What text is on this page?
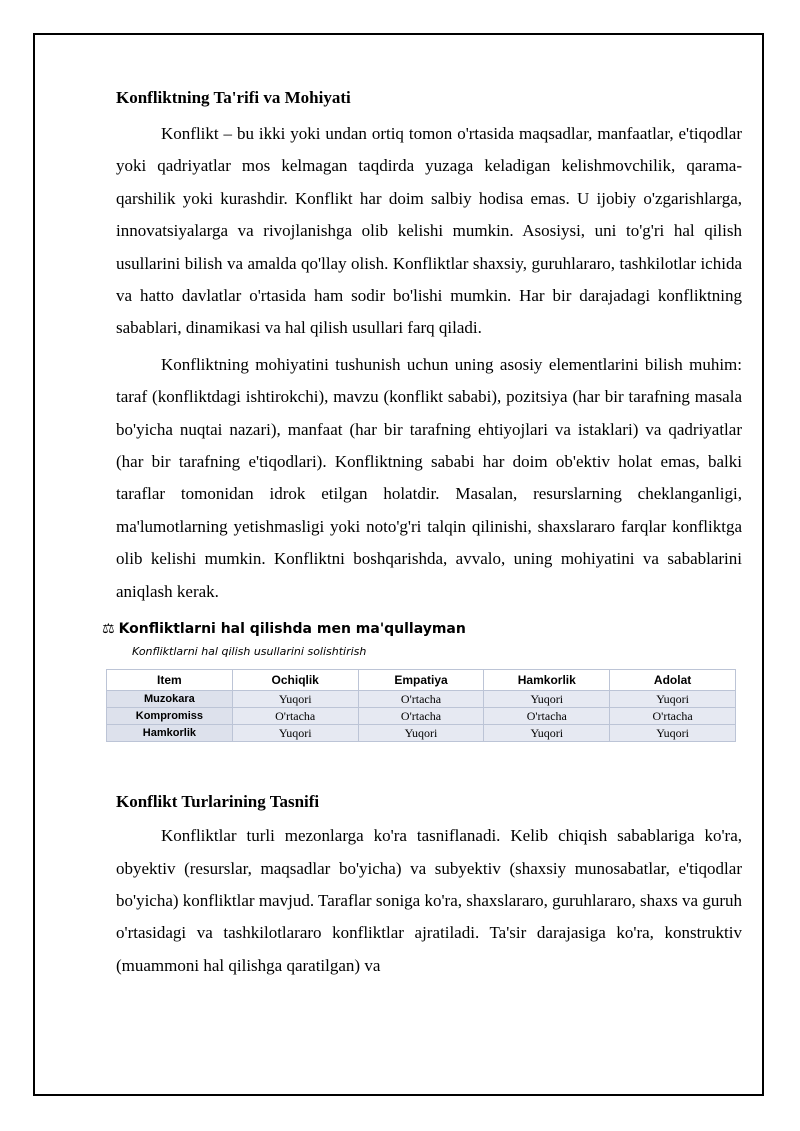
Konfliktning Ta'rifi va Mohiyati

Konflikt – bu ikki yoki undan ortiq tomon o'rtasida maqsadlar, manfaatlar, e'tiqodlar yoki qadriyatlar mos kelmagan taqdirda yuzaga keladigan kelishmovchilik, qarama-qarshilik yoki kurashdir. Konflikt har doim salbiy hodisa emas. U ijobiy o'zgarishlarga, innovatsiyalarga va rivojlanishga olib kelishi mumkin. Asosiysi, uni to'g'ri hal qilish usullarini bilish va amalda qo'llay olish. Konfliktlar shaxsiy, guruhlararo, tashkilotlar ichida va hatto davlatlar o'rtasida ham sodir bo'lishi mumkin. Har bir darajadagi konfliktning sabablari, dinamikasi va hal qilish usullari farq qiladi.

Konfliktning mohiyatini tushunish uchun uning asosiy elementlarini bilish muhim: taraf (konfliktdagi ishtirokchi), mavzu (konflikt sababi), pozitsiya (har bir tarafning masala bo'yicha nuqtai nazari), manfaat (har bir tarafning ehtiyojlari va istaklari) va qadriyatlar (har bir tarafning e'tiqodlari). Konfliktning sababi har doim ob'ektiv holat emas, balki taraflar tomonidan idrok etilgan holatdir. Masalan, resurslarning cheklanganligi, ma'lumotlarning yetishmasligi yoki noto'g'ri talqin qilinishi, shaxslararo farqlar konfliktga olib kelishi mumkin. Konfliktni boshqarishda, avvalo, uning mohiyatini va sabablarini aniqlash kerak.

⚖ Konfliktlarni hal qilishda men ma'qullayman
Konfliktlarni hal qilish usullarini solishtirish
Item	Ochiqlik	Empatiya	Hamkorlik	Adolat
Muzokara	Yuqori	O'rtacha	Yuqori	Yuqori
Kompromiss	O'rtacha	O'rtacha	O'rtacha	O'rtacha
Hamkorlik	Yuqori	Yuqori	Yuqori	Yuqori

Konflikt Turlarining Tasnifi

Konfliktlar turli mezonlarga ko'ra tasniflanadi. Kelib chiqish sabablariga ko'ra, obyektiv (resurslar, maqsadlar bo'yicha) va subyektiv (shaxsiy munosabatlar, e'tiqodlar bo'yicha) konfliktlar mavjud. Taraflar soniga ko'ra, shaxslararo, guruhlararo, shaxs va guruh o'rtasidagi va tashkilotlararo konfliktlar ajratiladi. Ta'sir darajasiga ko'ra, konstruktiv (muammoni hal qilishga qaratilgan) va
